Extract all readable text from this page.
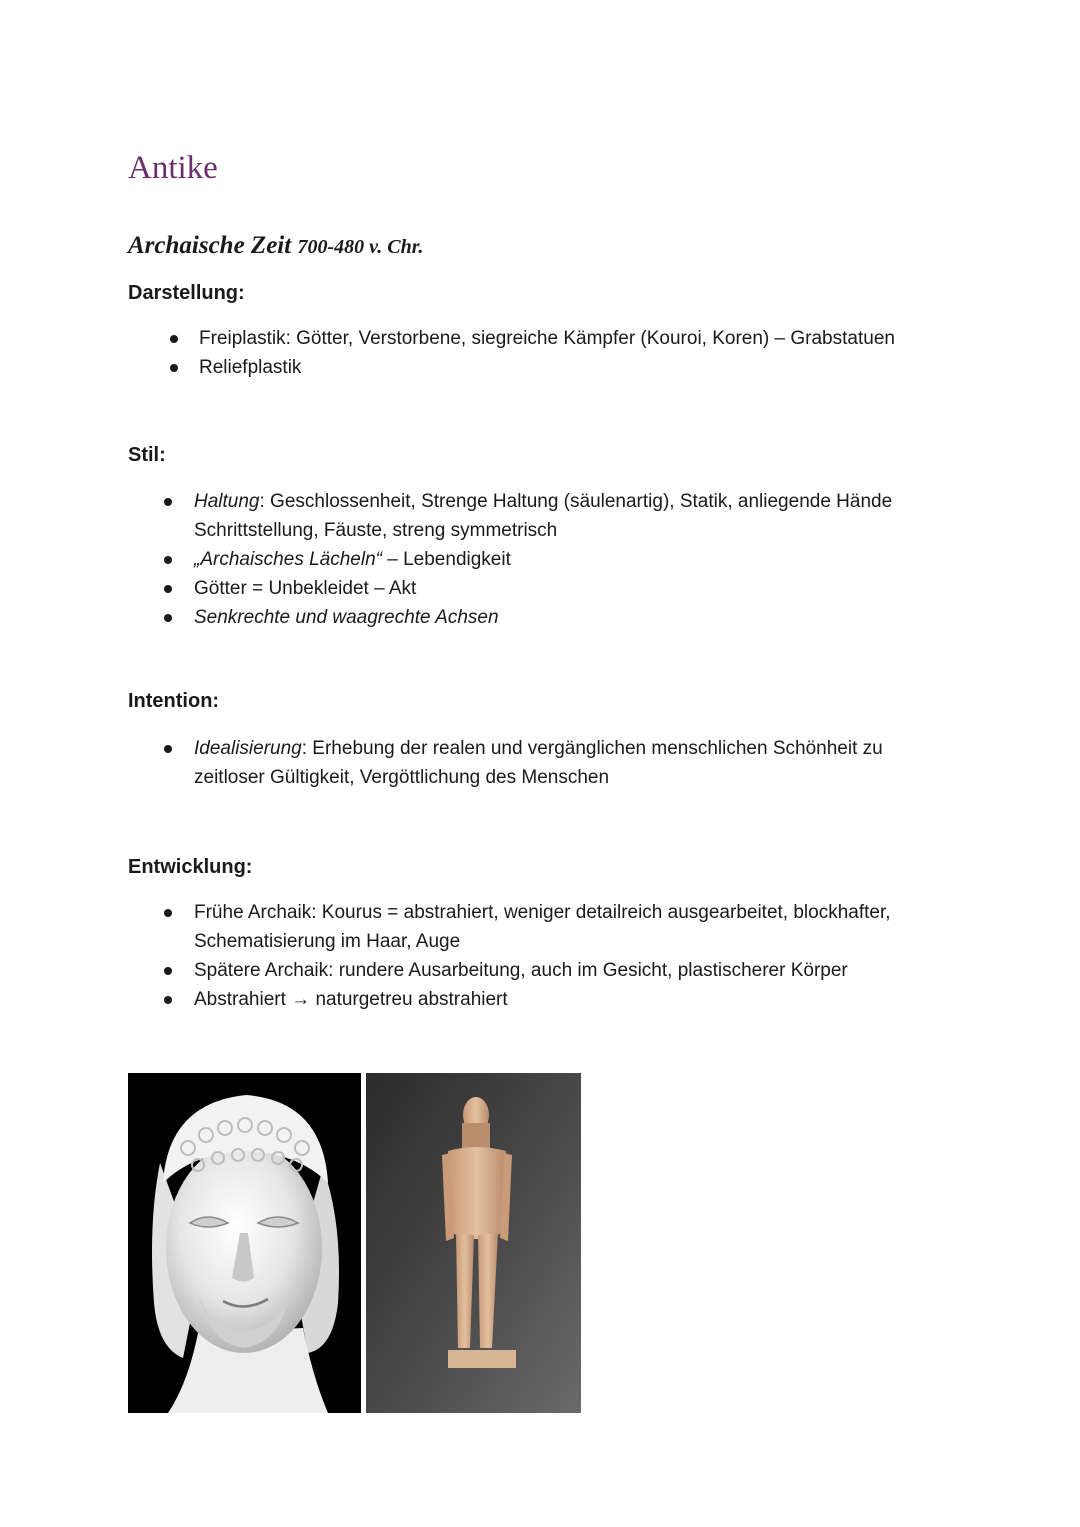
Antike
Archaische Zeit 700-480 v. Chr.
Darstellung:
Freiplastik: Götter, Verstorbene, siegreiche Kämpfer (Kouroi, Koren) – Grabstatuen
Reliefplastik
Stil:
Haltung: Geschlossenheit, Strenge Haltung (säulenartig), Statik, anliegende Hände
Schrittstellung, Fäuste, streng symmetrisch
„Archaisches Lächeln“ – Lebendigkeit
Götter = Unbekleidet – Akt
Senkrechte und waagrechte Achsen
Intention:
Idealisierung: Erhebung der realen und vergänglichen menschlichen Schönheit zu
zeitloser Gültigkeit, Vergöttlichung des Menschen
Entwicklung:
Frühe Archaik: Kourus = abstrahiert, weniger detailreich ausgearbeitet, blockhafter,
Schematisierung im Haar, Auge
Spätere Archaik: rundere Ausarbeitung, auch im Gesicht, plastischerer Körper
Abstrahiert → naturgetreu abstrahiert
